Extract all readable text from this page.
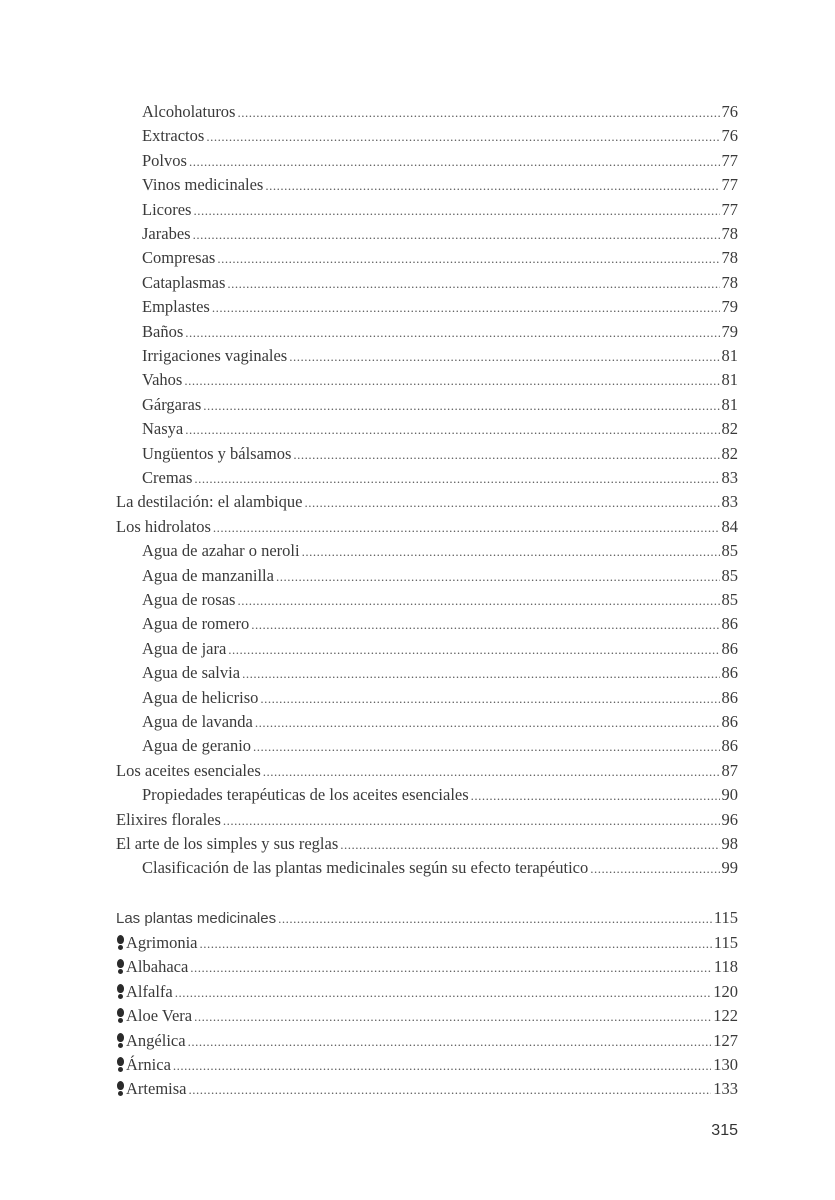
Alcoholaturos .....	76
Extractos .....	76
Polvos .....	77
Vinos medicinales .....	77
Licores .....	77
Jarabes .....	78
Compresas .....	78
Cataplasmas .....	78
Emplastes .....	79
Baños .....	79
Irrigaciones vaginales .....	81
Vahos .....	81
Gárgaras .....	81
Nasya .....	82
Ungüentos y bálsamos .....	82
Cremas .....	83
La destilación: el alambique .....	83
Los hidrolatos .....	84
Agua de azahar o neroli .....	85
Agua de manzanilla .....	85
Agua de rosas .....	85
Agua de romero .....	86
Agua de jara .....	86
Agua de salvia .....	86
Agua de helicriso .....	86
Agua de lavanda .....	86
Agua de geranio .....	86
Los aceites esenciales .....	87
Propiedades terapéuticas de los aceites esenciales .....	90
Elixires florales .....	96
El arte de los simples y sus reglas .....	98
Clasificación de las plantas medicinales según su efecto terapéutico .....	99
Las plantas medicinales .....	115
Agrimonia .....	115
Albahaca .....	118
Alfalfa .....	120
Aloe Vera .....	122
Angélica .....	127
Árnica .....	130
Artemisa .....	133
315
